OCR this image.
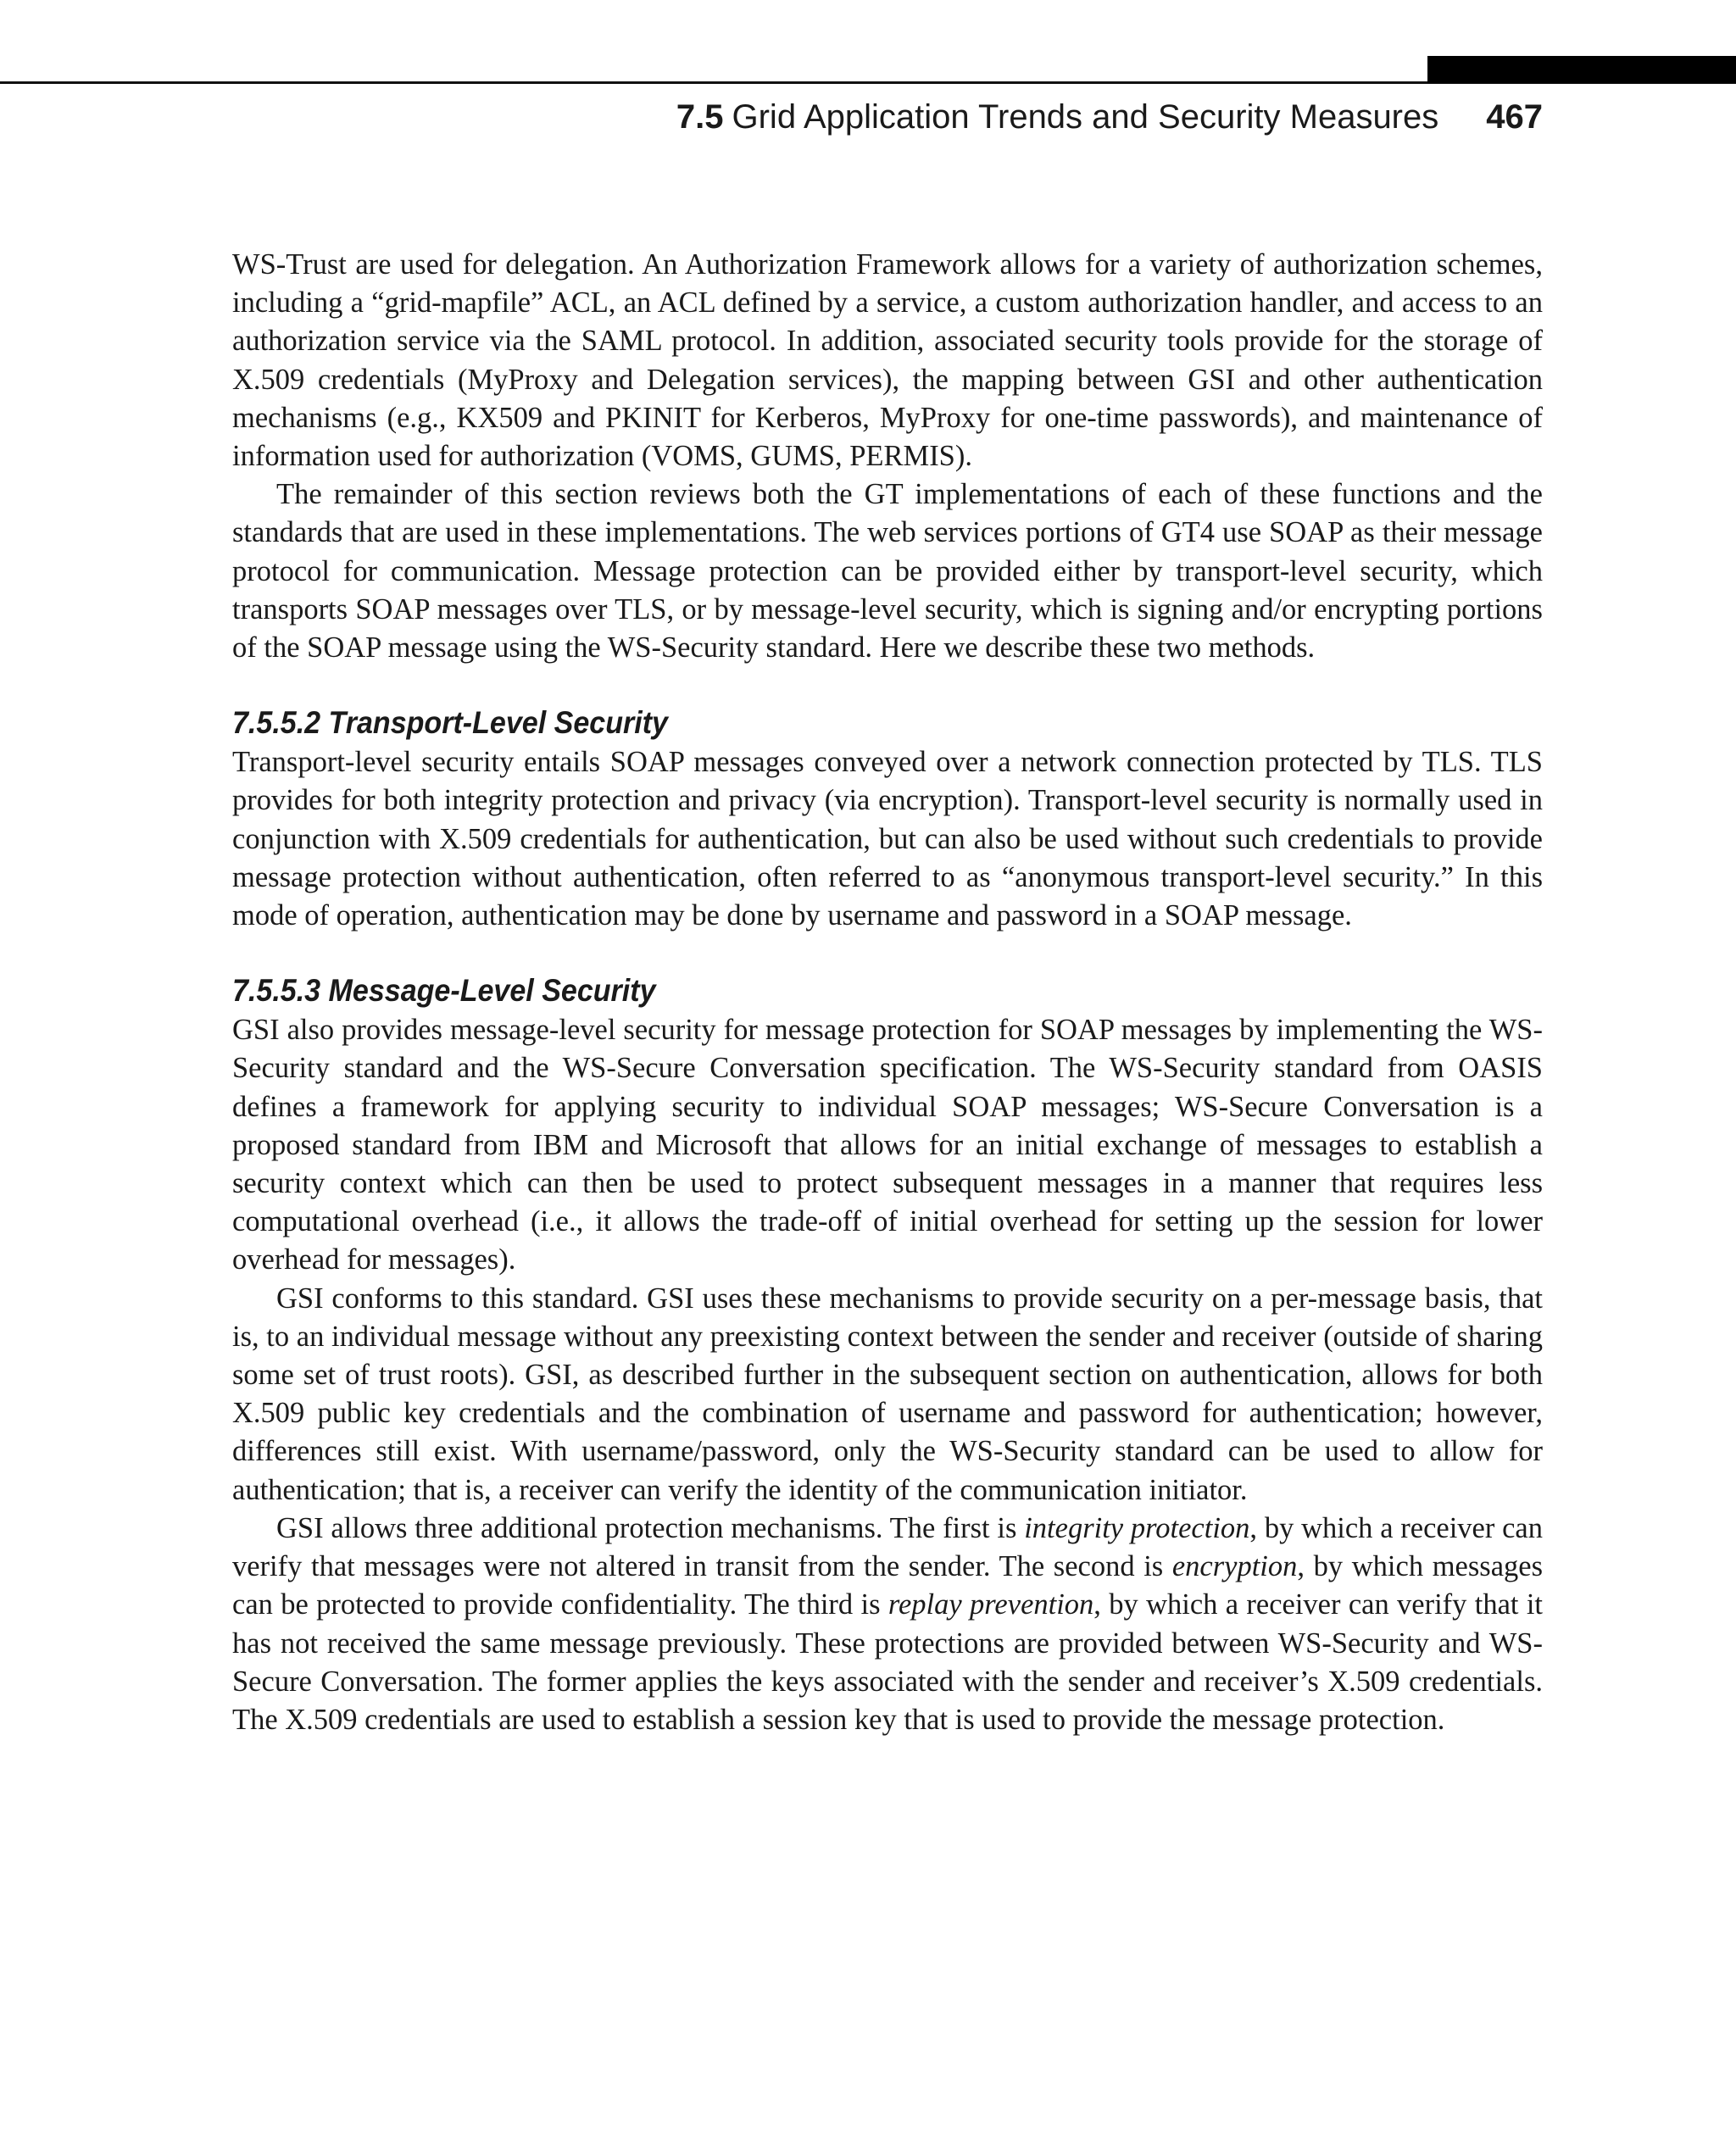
7.5 Grid Application Trends and Security Measures 467

WS-Trust are used for delegation. An Authorization Framework allows for a variety of authorization schemes, including a “grid-mapfile” ACL, an ACL defined by a service, a custom authorization handler, and access to an authorization service via the SAML protocol. In addition, associated security tools provide for the storage of X.509 credentials (MyProxy and Delegation services), the mapping between GSI and other authentication mechanisms (e.g., KX509 and PKINIT for Kerberos, MyProxy for one-time passwords), and maintenance of information used for authorization (VOMS, GUMS, PERMIS).

The remainder of this section reviews both the GT implementations of each of these functions and the standards that are used in these implementations. The web services portions of GT4 use SOAP as their message protocol for communication. Message protection can be provided either by transport-level security, which transports SOAP messages over TLS, or by message-level security, which is signing and/or encrypting portions of the SOAP message using the WS-Security standard. Here we describe these two methods.

7.5.5.2 Transport-Level Security

Transport-level security entails SOAP messages conveyed over a network connection protected by TLS. TLS provides for both integrity protection and privacy (via encryption). Transport-level security is normally used in conjunction with X.509 credentials for authentication, but can also be used without such credentials to provide message protection without authentication, often referred to as “anonymous transport-level security.” In this mode of operation, authentication may be done by username and password in a SOAP message.

7.5.5.3 Message-Level Security

GSI also provides message-level security for message protection for SOAP messages by implementing the WS-Security standard and the WS-Secure Conversation specification. The WS-Security standard from OASIS defines a framework for applying security to individual SOAP messages; WS-Secure Conversation is a proposed standard from IBM and Microsoft that allows for an initial exchange of messages to establish a security context which can then be used to protect subsequent messages in a manner that requires less computational overhead (i.e., it allows the trade-off of initial overhead for setting up the session for lower overhead for messages).

GSI conforms to this standard. GSI uses these mechanisms to provide security on a per-message basis, that is, to an individual message without any preexisting context between the sender and receiver (outside of sharing some set of trust roots). GSI, as described further in the subsequent section on authentication, allows for both X.509 public key credentials and the combination of username and password for authentication; however, differences still exist. With username/password, only the WS-Security standard can be used to allow for authentication; that is, a receiver can verify the identity of the communication initiator.

GSI allows three additional protection mechanisms. The first is integrity protection, by which a receiver can verify that messages were not altered in transit from the sender. The second is encryption, by which messages can be protected to provide confidentiality. The third is replay prevention, by which a receiver can verify that it has not received the same message previously. These protections are provided between WS-Security and WS-Secure Conversation. The former applies the keys associated with the sender and receiver’s X.509 credentials. The X.509 credentials are used to establish a session key that is used to provide the message protection.
